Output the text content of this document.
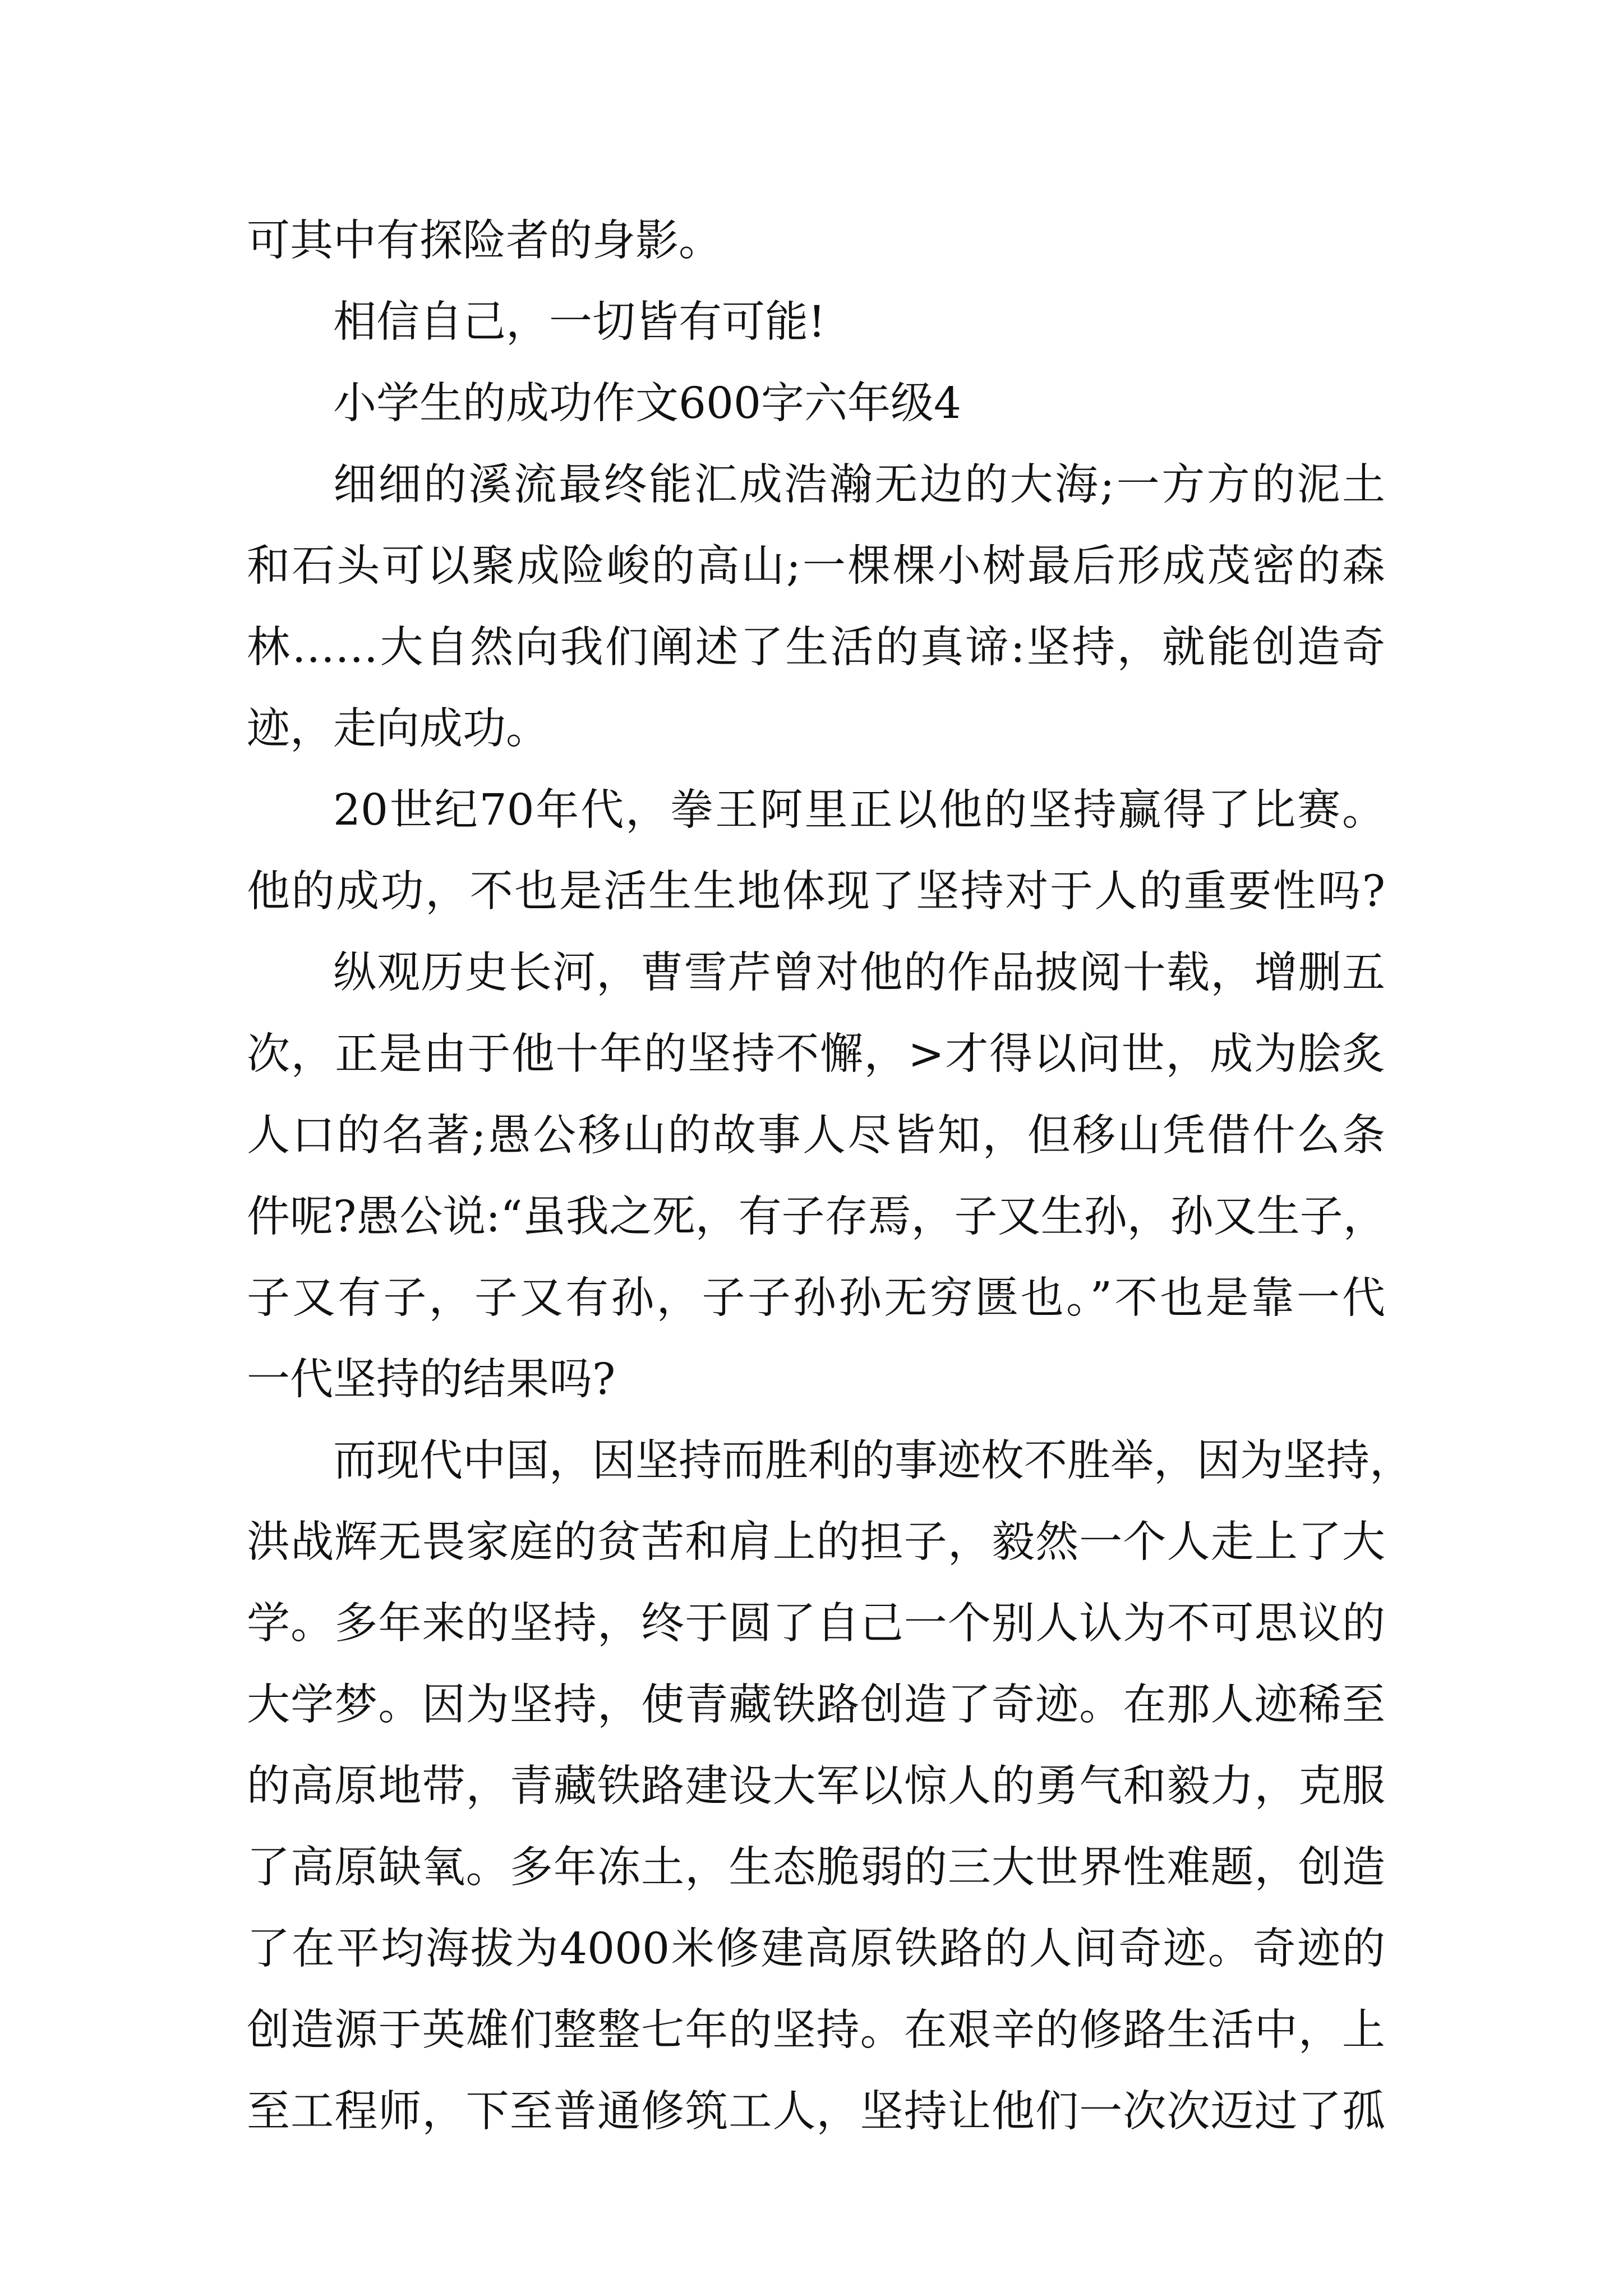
可其中有探险者的身影。
相信自己，一切皆有可能!
小学生的成功作文600字六年级4
细细的溪流最终能汇成浩瀚无边的大海;一方方的泥土
和石头可以聚成险峻的高山;一棵棵小树最后形成茂密的森
林……大自然向我们阐述了生活的真谛:坚持，就能创造奇
迹，走向成功。
20世纪70年代，拳王阿里正以他的坚持赢得了比赛。
他的成功，不也是活生生地体现了坚持对于人的重要性吗?
纵观历史长河，曹雪芹曾对他的作品披阅十载，增删五
次，正是由于他十年的坚持不懈，>才得以问世，成为脍炙
人口的名著;愚公移山的故事人尽皆知，但移山凭借什么条
件呢?愚公说:“虽我之死，有子存焉，子又生孙，孙又生子，
子又有子，子又有孙，子子孙孙无穷匮也。”不也是靠一代
一代坚持的结果吗?
而现代中国，因坚持而胜利的事迹枚不胜举，因为坚持，
洪战辉无畏家庭的贫苦和肩上的担子，毅然一个人走上了大
学。多年来的坚持，终于圆了自己一个别人认为不可思议的
大学梦。因为坚持，使青藏铁路创造了奇迹。在那人迹稀至
的高原地带，青藏铁路建设大军以惊人的勇气和毅力，克服
了高原缺氧。多年冻土，生态脆弱的三大世界性难题，创造
了在平均海拔为4000米修建高原铁路的人间奇迹。奇迹的
创造源于英雄们整整七年的坚持。在艰辛的修路生活中，上
至工程师，下至普通修筑工人，坚持让他们一次次迈过了孤
